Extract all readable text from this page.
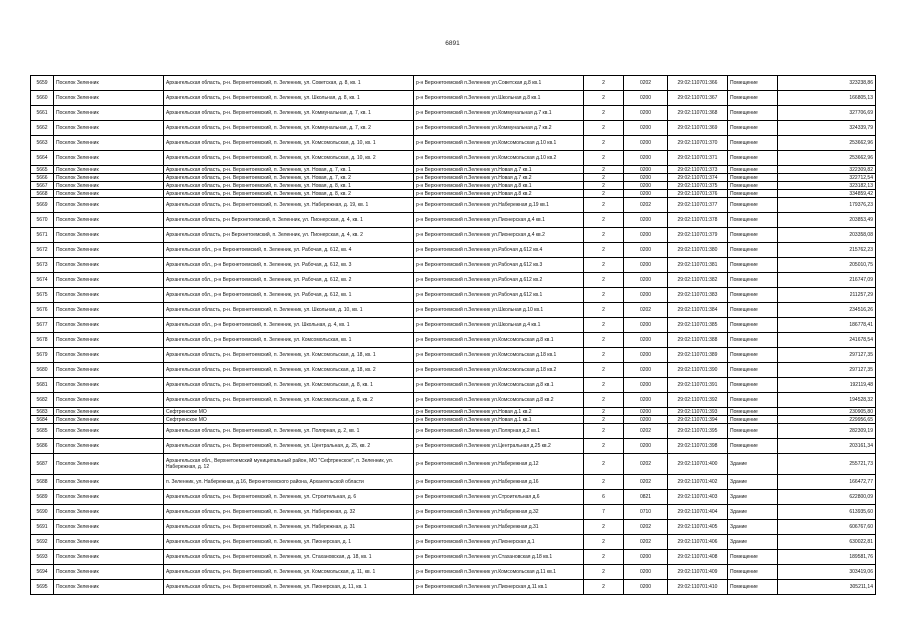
6891
5659	Поселок Зеленник	Архангельская область, р-н. Верхнетоемский, п. Зеленник, ул. Советская, д. 8, кв. 1	р-н Верхнетоемский п.Зеленник ул.Советская д.8 кв.1	2	0202	29:02:110701:366	Помещение	323238,86
5660	Поселок Зеленник	Архангельская область, р-н. Верхнетоемский, п. Зеленник, ул. Школьная, д. 8, кв. 1	р-н Верхнетоемский п.Зеленник ул.Школьная д.8 кв.1	2	0200	29:02:110701:367	Помещение	166805,13
5661	Поселок Зеленник	Архангельская область, р-н. Верхнетоемский, п. Зеленник, ул. Коммунальная, д. 7, кв. 1	р-н Верхнетоемский п.Зеленник ул.Коммунальная д.7 кв.1	2	0200	29:02:110701:368	Помещение	327706,69
5662	Поселок Зеленник	Архангельская область, р-н. Верхнетоемский, п. Зеленник, ул. Коммунальная, д. 7, кв. 2	р-н Верхнетоемский п.Зеленник ул.Коммунальная д.7 кв.2	2	0200	29:02:110701:369	Помещение	324339,79
5663	Поселок Зеленник	Архангельская область, р-н. Верхнетоемский, п. Зеленник, ул. Комсомольская, д. 10, кв. 1	р-н Верхнетоемский п.Зеленник ул.Комсомольская д.10 кв.1	2	0200	29:02:110701:370	Помещение	253662,96
5664	Поселок Зеленник	Архангельская область, р-н. Верхнетоемский, п. Зеленник, ул. Комсомольская, д. 10, кв. 2	р-н Верхнетоемский п.Зеленник ул.Комсомольская д.10 кв.2	2	0200	29:02:110701:371	Помещение	253662,96
5665	Поселок Зеленник	Архангельская область, р-н. Верхнетоемский, п. Зеленник, ул. Новая, д. 7, кв. 1	р-н Верхнетоемский п.Зеленник ул.Новая д.7 кв.1	2	0200	29:02:110701:373	Помещение	322309,82
5666	Поселок Зеленник	Архангельская область, р-н. Верхнетоемский, п. Зеленник, ул. Новая, д. 7, кв. 2	р-н Верхнетоемский п.Зеленник ул.Новая д.7 кв.2	2	0200	29:02:110701:374	Помещение	322712,54
5667	Поселок Зеленник	Архангельская область, р-н. Верхнетоемский, п. Зеленник, ул. Новая, д. 8, кв. 1	р-н Верхнетоемский п.Зеленник ул.Новая д.8 кв.1	2	0200	29:02:110701:375	Помещение	323182,13
5668	Поселок Зеленник	Архангельская область, р-н. Верхнетоемский, п. Зеленник, ул. Новая, д. 8, кв. 2	р-н Верхнетоемский п.Зеленник ул.Новая д.8 кв.2	2	0200	29:02:110701:376	Помещение	334859,42
5669	Поселок Зеленник	Архангельская область, р-н. Верхнетоемский, п. Зеленник, ул. Набережная, д. 19, кв. 1	р-н Верхнетоемский п.Зеленник ул.Набережная д.19 кв.1	2	0202	29:02:110701:377	Помещение	179376,23
5670	Поселок Зеленник	Архангельская область, р-н Верхнетоемский, п. Зеленник, ул. Пионерская, д. 4, кв. 1	р-н Верхнетоемский п.Зеленник ул.Пионерская д.4 кв.1	2	0200	29:02:110701:378	Помещение	203853,49
5671	Поселок Зеленник	Архангельская область, р-н Верхнетоемский, п. Зеленник, ул. Пионерская, д. 4, кв. 2	р-н Верхнетоемский п.Зеленник ул.Пионерская д.4 кв.2	2	0200	29:02:110701:379	Помещение	203358,08
5672	Поселок Зеленник	Архангельская обл., р-н Верхнетоемский, п. Зеленник, ул. Рабочая, д. 612, кв. 4	р-н Верхнетоемский п.Зеленник ул.Рабочая д.612 кв.4	2	0200	29:02:110701:380	Помещение	215762,23
5673	Поселок Зеленник	Архангельская обл., р-н Верхнетоемский, п. Зеленник, ул. Рабочая, д. 612, кв. 3	р-н Верхнетоемский п.Зеленник ул.Рабочая д.612 кв.3	2	0200	29:02:110701:381	Помещение	205010,75
5674	Поселок Зеленник	Архангельская обл., р-н Верхнетоемский, п. Зеленник, ул. Рабочая, д. 612, кв. 2	р-н Верхнетоемский п.Зеленник ул.Рабочая д.612 кв.2	2	0200	29:02:110701:382	Помещение	216747,09
5675	Поселок Зеленник	Архангельская обл., р-н Верхнетоемский, п. Зеленник, ул. Рабочая, д. 612, кв. 1	р-н Верхнетоемский п.Зеленник ул.Рабочая д.612 кв.1	2	0200	29:02:110701:383	Помещение	211257,29
5676	Поселок Зеленник	Архангельская область, р-н. Верхнетоемский, п. Зеленник, ул. Школьная, д. 10, кв. 1	р-н Верхнетоемский п.Зеленник ул.Школьная д.10 кв.1	2	0202	29:02:110701:384	Помещение	234516,26
5677	Поселок Зеленник	Архангельская обл., р-н Верхнетоемский, п. Зеленник, ул. Школьная, д. 4, кв. 1	р-н Верхнетоемский п.Зеленник ул.Школьная д.4 кв.1	2	0200	29:02:110701:385	Помещение	186778,41
5678	Поселок Зеленник	Архангельская обл., р-н Верхнетоемский, п. Зеленник, ул. Комсомольская, кв. 1	р-н Верхнетоемский п.Зеленник ул.Комсомольская д.8 кв.1	2	0200	29:02:110701:388	Помещение	241678,54
5679	Поселок Зеленник	Архангельская область, р-н. Верхнетоемский, п. Зеленник, ул. Комсомольская, д. 18, кв. 1	р-н Верхнетоемский п.Зеленник ул.Комсомольская д.18 кв.1	2	0200	29:02:110701:389	Помещение	297127,35
5680	Поселок Зеленник	Архангельская область, р-н. Верхнетоемский, п. Зеленник, ул. Комсомольская, д. 18, кв. 2	р-н Верхнетоемский п.Зеленник ул.Комсомольская д.18 кв.2	2	0200	29:02:110701:390	Помещение	297127,35
5681	Поселок Зеленник	Архангельская область, р-н. Верхнетоемский, п. Зеленник, ул. Комсомольская, д. 8, кв. 1	р-н Верхнетоемский п.Зеленник ул.Комсомольская д.8 кв.1	2	0200	29:02:110701:391	Помещение	192119,48
5682	Поселок Зеленник	Архангельская область, р-н. Верхнетоемский, п. Зеленник, ул. Комсомольская, д. 8, кв. 2	р-н Верхнетоемский п.Зеленник ул.Комсомольская д.8 кв.2	2	0200	29:02:110701:392	Помещение	194528,32
5683	Поселок Зеленник	Сефтренское МО	р-н Верхнетоемский п.Зеленник ул.Новая д.1 кв.2	2	0200	29:02:110701:393	Помещение	230905,80
5684	Поселок Зеленник	Сефтренское МО	р-н Верхнетоемский п.Зеленник ул.Новая д.1 кв.1	2	0200	29:02:110701:394	Помещение	229956,65
5685	Поселок Зеленник	Архангельская область, р-н. Верхнетоемский, п. Зеленник, ул. Полярная, д. 2, кв. 1	р-н Верхнетоемский п.Зеленник ул.Полярная д.2 кв.1	2	0202	29:02:110701:395	Помещение	282309,19
5686	Поселок Зеленник	Архангельская область, р-н. Верхнетоемский, п. Зеленник, ул. Центральная, д. 25, кв. 2	р-н Верхнетоемский п.Зеленник ул.Центральная д.25 кв.2	2	0200	29:02:110701:398	Помещение	203161,34
5687	Поселок Зеленник	Архангельская обл., Верхнетоемский муниципальный район, МО "Сефтренское", п. Зеленник, ул. Набережная, д. 12	р-н Верхнетоемский п.Зеленник ул.Набережная д.12	2	0202	29:02:110701:400	Здание	255721,73
5688	Поселок Зеленник	п. Зеленник, ул. Набережная, д.16, Верхнетоемского района, Архангельской области	р-н Верхнетоемский п.Зеленник ул.Набережная д.16	2	0202	29:02:110701:402	Здание	166472,77
5689	Поселок Зеленник	Архангельская область, р-н. Верхнетоемский, п. Зеленник, ул. Строительная, д. 6	р-н Верхнетоемский п.Зеленник ул.Строительная д.6	6	0821	29:02:110701:403	Здание	622800,09
5690	Поселок Зеленник	Архангельская область, р-н. Верхнетоемский, п. Зеленник, ул. Набережная, д. 32	р-н Верхнетоемский п.Зеленник ул.Набережная д.32	7	0710	29:02:110701:404	Здание	613935,60
5691	Поселок Зеленник	Архангельская область, р-н. Верхнетоемский, п. Зеленник, ул. Набережная, д. 31	р-н Верхнетоемский п.Зеленник ул.Набережная д.31	2	0202	29:02:110701:405	Здание	606767,60
5692	Поселок Зеленник	Архангельская область, р-н. Верхнетоемский, п. Зеленник, ул. Пионерская, д. 1	р-н Верхнетоемский п.Зеленник ул.Пионерская д.1	2	0202	29:02:110701:406	Здание	630022,81
5693	Поселок Зеленник	Архангельская область, р-н. Верхнетоемский, п. Зеленник, ул. Стахановская, д. 18, кв. 1	р-н Верхнетоемский п.Зеленник ул.Стахановская д.18 кв.1	2	0200	29:02:110701:408	Помещение	189581,76
5694	Поселок Зеленник	Архангельская область, р-н. Верхнетоемский, п. Зеленник, ул. Комсомольская, д. 11, кв. 1	р-н Верхнетоемский п.Зеленник ул.Комсомольская д.11 кв.1	2	0200	29:02:110701:409	Помещение	303419,06
5695	Поселок Зеленник	Архангельская область, р-н. Верхнетоемский, п. Зеленник, ул. Пионерская, д. 11, кв. 1	р-н Верхнетоемский п.Зеленник ул.Пионерская д.11 кв.1	2	0200	29:02:110701:410	Помещение	305211,14
